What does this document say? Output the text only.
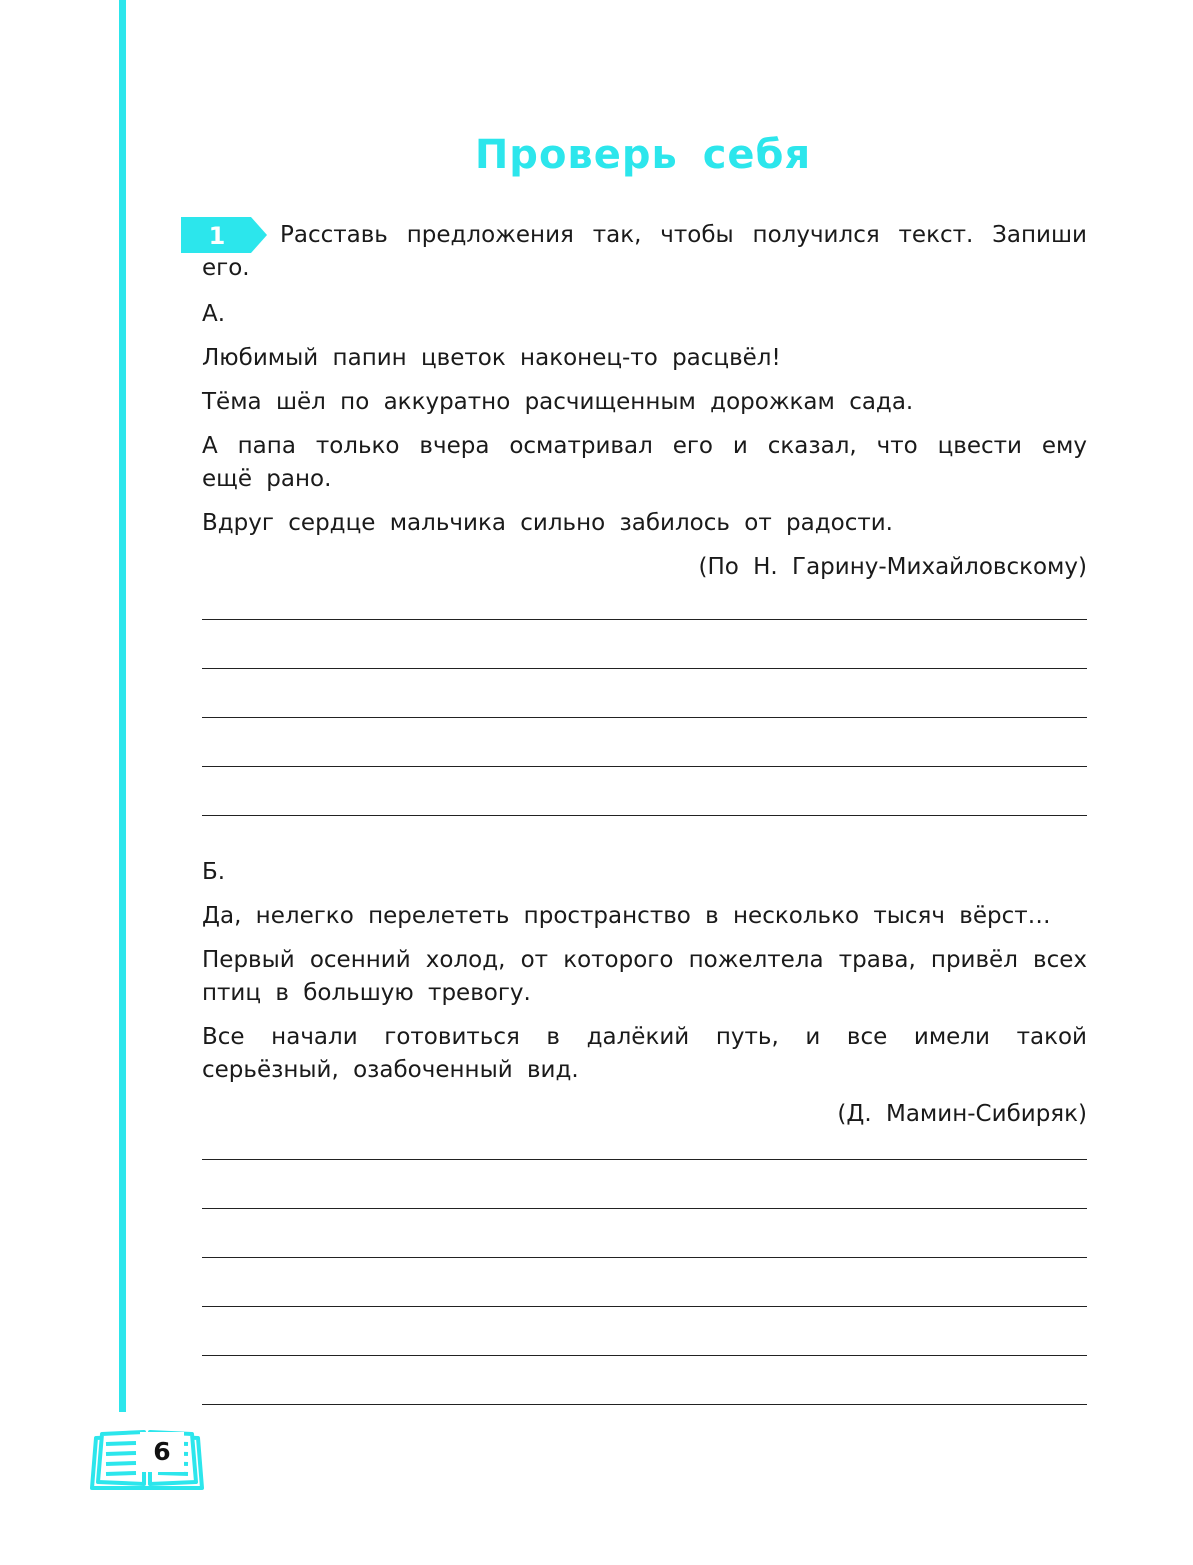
Проверь себя
1	Расставь предложения так, чтобы получился текст. Запиши его.

А.

Любимый папин цветок наконец-то расцвёл!

Тёма шёл по аккуратно расчищенным дорожкам сада.

А папа только вчера осматривал его и сказал, что цвести ему ещё рано.

Вдруг сердце мальчика сильно забилось от радости.

(По Н. Гарину-Михайловскому)

Б.

Да, нелегко перелететь пространство в несколько тысяч вёрст…

Первый осенний холод, от которого пожелтела трава, привёл всех птиц в большую тревогу.

Все начали готовиться в далёкий путь, и все имели такой серьёзный, озабоченный вид.

(Д. Мамин-Сибиряк)

6
